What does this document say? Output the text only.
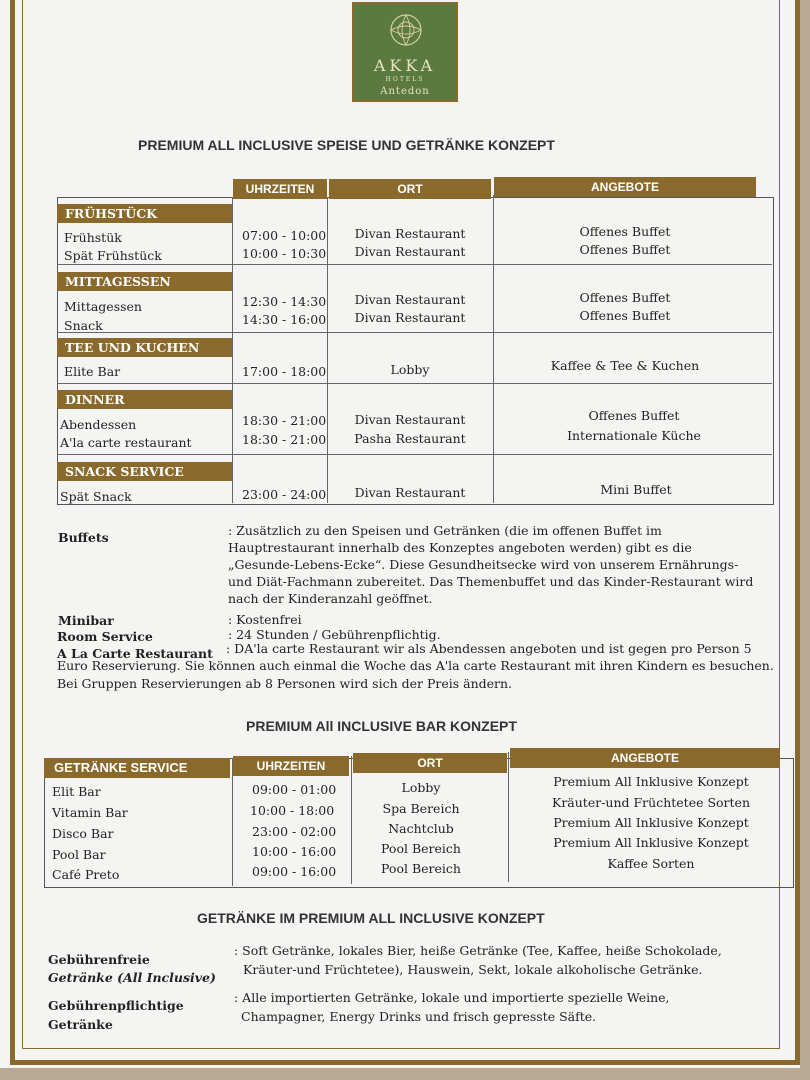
AKKA
HOTELS
Antedon
PREMIUM ALL INCLUSIVE SPEISE UND GETRÄNKE KONZEPT
UHRZEITEN	ORT	ANGEBOTE
FRÜHSTÜCK
MITTAGESSEN
TEE UND KUCHEN
DINNER
SNACK SERVICE
Frühstük	07:00 - 10:00	Divan Restaurant	Offenes Buffet
Spät Frühstück	10:00 - 10:30	Divan Restaurant	Offenes Buffet
Mittagessen	12:30 - 14:30	Divan Restaurant	Offenes Buffet
Snack	14:30 - 16:00	Divan Restaurant	Offenes Buffet
Elite Bar	17:00 - 18:00	Lobby	Kaffee & Tee & Kuchen
Abendessen	18:30 - 21:00	Divan Restaurant	Offenes Buffet
A'la carte restaurant	18:30 - 21:00	Pasha Restaurant	Internationale Küche
Spät Snack	23:00 - 24:00	Divan Restaurant	Mini Buffet
Buffets	: Zusätzlich zu den Speisen und Getränken (die im offenen Buffet im Hauptrestaurant innerhalb des Konzeptes angeboten werden) gibt es die „Gesunde-Lebens-Ecke“. Diese Gesundheitsecke wird von unserem Ernährungs- und Diät-Fachmann zubereitet. Das Themenbuffet und das Kinder-Restaurant wird nach der Kinderanzahl geöffnet.
Minibar	: Kostenfrei
Room Service	: 24 Stunden / Gebührenpflichtig.
A La Carte Restaurant : DA'la carte Restaurant wir als Abendessen angeboten und ist gegen pro Person 5
Euro Reservierung. Sie können auch einmal die Woche das A'la carte Restaurant mit ihren Kindern es besuchen.
Bei Gruppen Reservierungen ab 8 Personen wird sich der Preis ändern.
PREMIUM All INCLUSIVE BAR KONZEPT
GETRÄNKE SERVICE	UHRZEITEN	ORT	ANGEBOTE
Elit Bar	09:00 - 01:00	Lobby	Premium All Inklusive Konzept
Vitamin Bar	10:00 - 18:00	Spa Bereich	Kräuter-und Früchtetee Sorten
Disco Bar	23:00 - 02:00	Nachtclub	Premium All Inklusive Konzept
Pool Bar	10:00 - 16:00	Pool Bereich	Premium All Inklusive Konzept
Café Preto	09:00 - 16:00	Pool Bereich	Kaffee Sorten
GETRÄNKE IM PREMIUM ALL INCLUSIVE KONZEPT
Gebührenfreie
Getränke (All Inclusive)
: Soft Getränke, lokales Bier, heiße Getränke (Tee, Kaffee, heiße Schokolade,
Kräuter-und Früchtetee), Hauswein, Sekt, lokale alkoholische Getränke.
Gebührenpflichtige
Getränke
: Alle importierten Getränke, lokale und importierte spezielle Weine,
Champagner, Energy Drinks und frisch gepresste Säfte.
